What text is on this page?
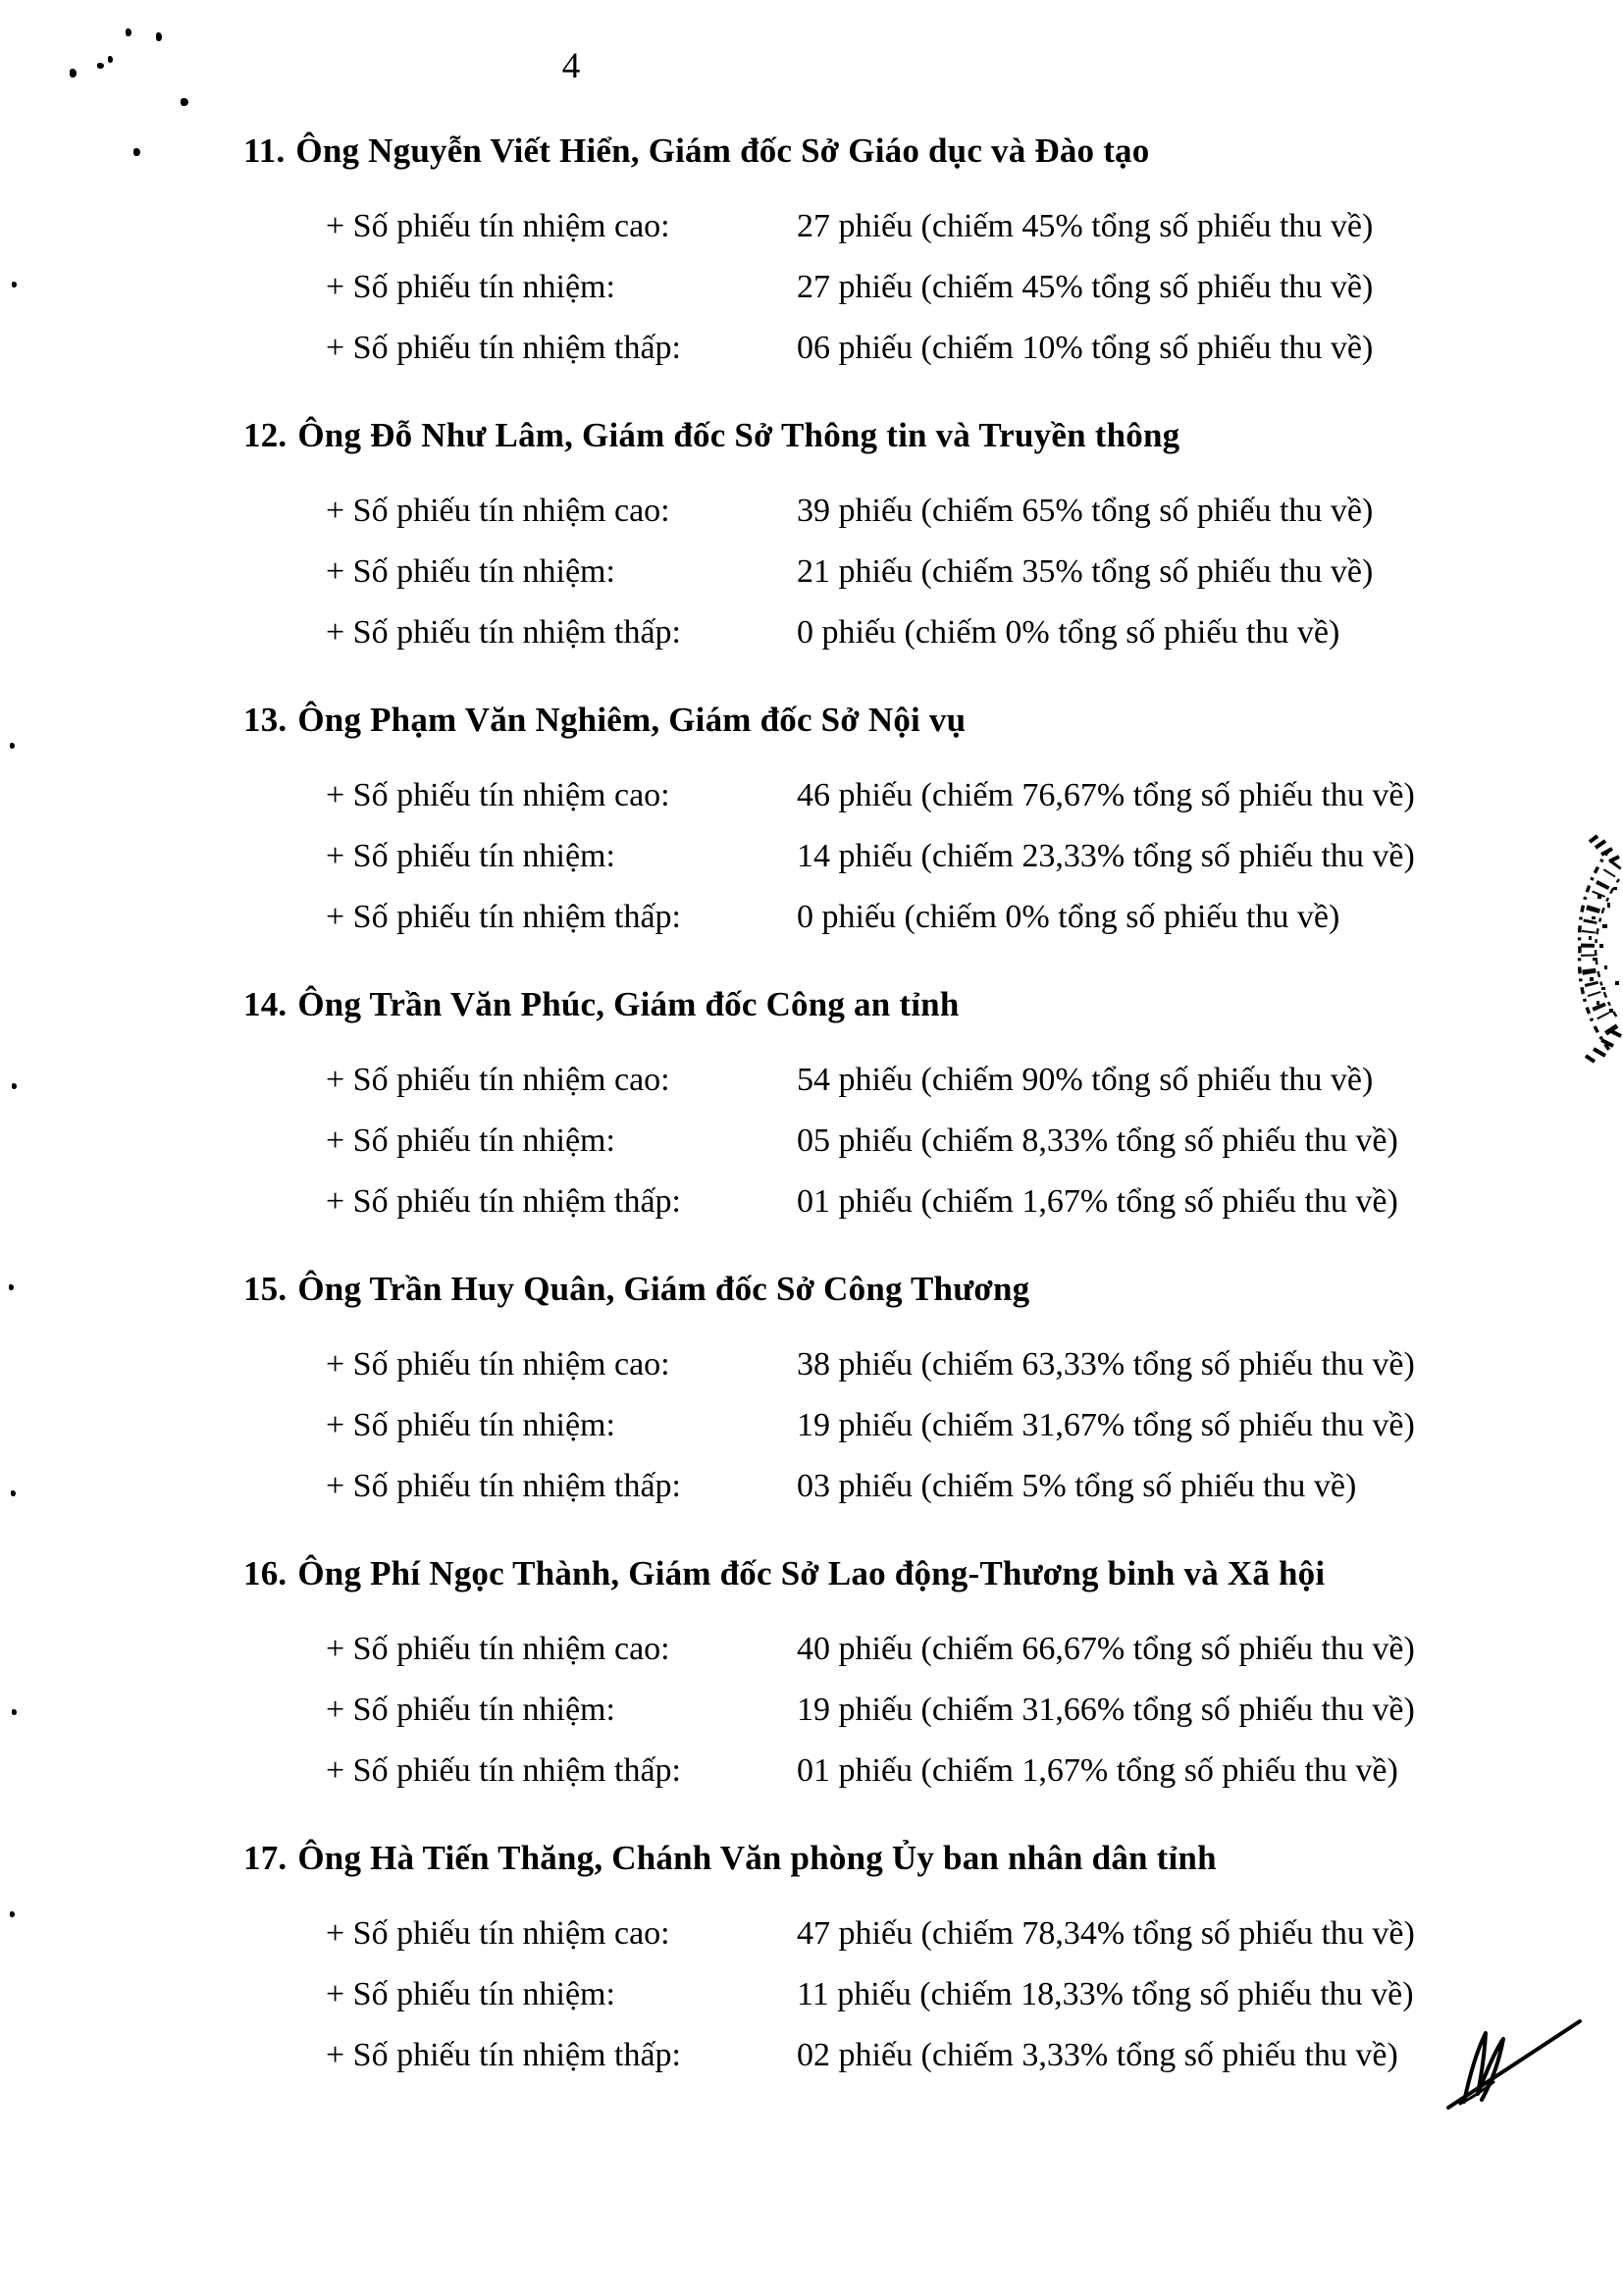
4
11. Ông Nguyễn Viết Hiển, Giám đốc Sở Giáo dục và Đào tạo
+ Số phiếu tín nhiệm cao:	27 phiếu (chiếm 45% tổng số phiếu thu về)
+ Số phiếu tín nhiệm:	27 phiếu (chiếm 45% tổng số phiếu thu về)
+ Số phiếu tín nhiệm thấp:	06 phiếu (chiếm 10% tổng số phiếu thu về)
12. Ông Đỗ Như Lâm, Giám đốc Sở Thông tin và Truyền thông
+ Số phiếu tín nhiệm cao:	39 phiếu (chiếm 65% tổng số phiếu thu về)
+ Số phiếu tín nhiệm:	21 phiếu (chiếm 35% tổng số phiếu thu về)
+ Số phiếu tín nhiệm thấp:	0 phiếu (chiếm 0% tổng số phiếu thu về)
13. Ông Phạm Văn Nghiêm, Giám đốc Sở Nội vụ
+ Số phiếu tín nhiệm cao:	46 phiếu (chiếm 76,67% tổng số phiếu thu về)
+ Số phiếu tín nhiệm:	14 phiếu (chiếm 23,33% tổng số phiếu thu về)
+ Số phiếu tín nhiệm thấp:	0 phiếu (chiếm 0% tổng số phiếu thu về)
14. Ông Trần Văn Phúc, Giám đốc Công an tỉnh
+ Số phiếu tín nhiệm cao:	54 phiếu (chiếm 90% tổng số phiếu thu về)
+ Số phiếu tín nhiệm:	05 phiếu (chiếm 8,33% tổng số phiếu thu về)
+ Số phiếu tín nhiệm thấp:	01 phiếu (chiếm 1,67% tổng số phiếu thu về)
15. Ông Trần Huy Quân, Giám đốc Sở Công Thương
+ Số phiếu tín nhiệm cao:	38 phiếu (chiếm 63,33% tổng số phiếu thu về)
+ Số phiếu tín nhiệm:	19 phiếu (chiếm 31,67% tổng số phiếu thu về)
+ Số phiếu tín nhiệm thấp:	03 phiếu (chiếm 5% tổng số phiếu thu về)
16. Ông Phí Ngọc Thành, Giám đốc Sở Lao động-Thương binh và Xã hội
+ Số phiếu tín nhiệm cao:	40 phiếu (chiếm 66,67% tổng số phiếu thu về)
+ Số phiếu tín nhiệm:	19 phiếu (chiếm 31,66% tổng số phiếu thu về)
+ Số phiếu tín nhiệm thấp:	01 phiếu (chiếm 1,67% tổng số phiếu thu về)
17. Ông Hà Tiến Thăng, Chánh Văn phòng Ủy ban nhân dân tỉnh
+ Số phiếu tín nhiệm cao:	47 phiếu (chiếm 78,34% tổng số phiếu thu về)
+ Số phiếu tín nhiệm:	11 phiếu (chiếm 18,33% tổng số phiếu thu về)
+ Số phiếu tín nhiệm thấp:	02 phiếu (chiếm 3,33% tổng số phiếu thu về)
